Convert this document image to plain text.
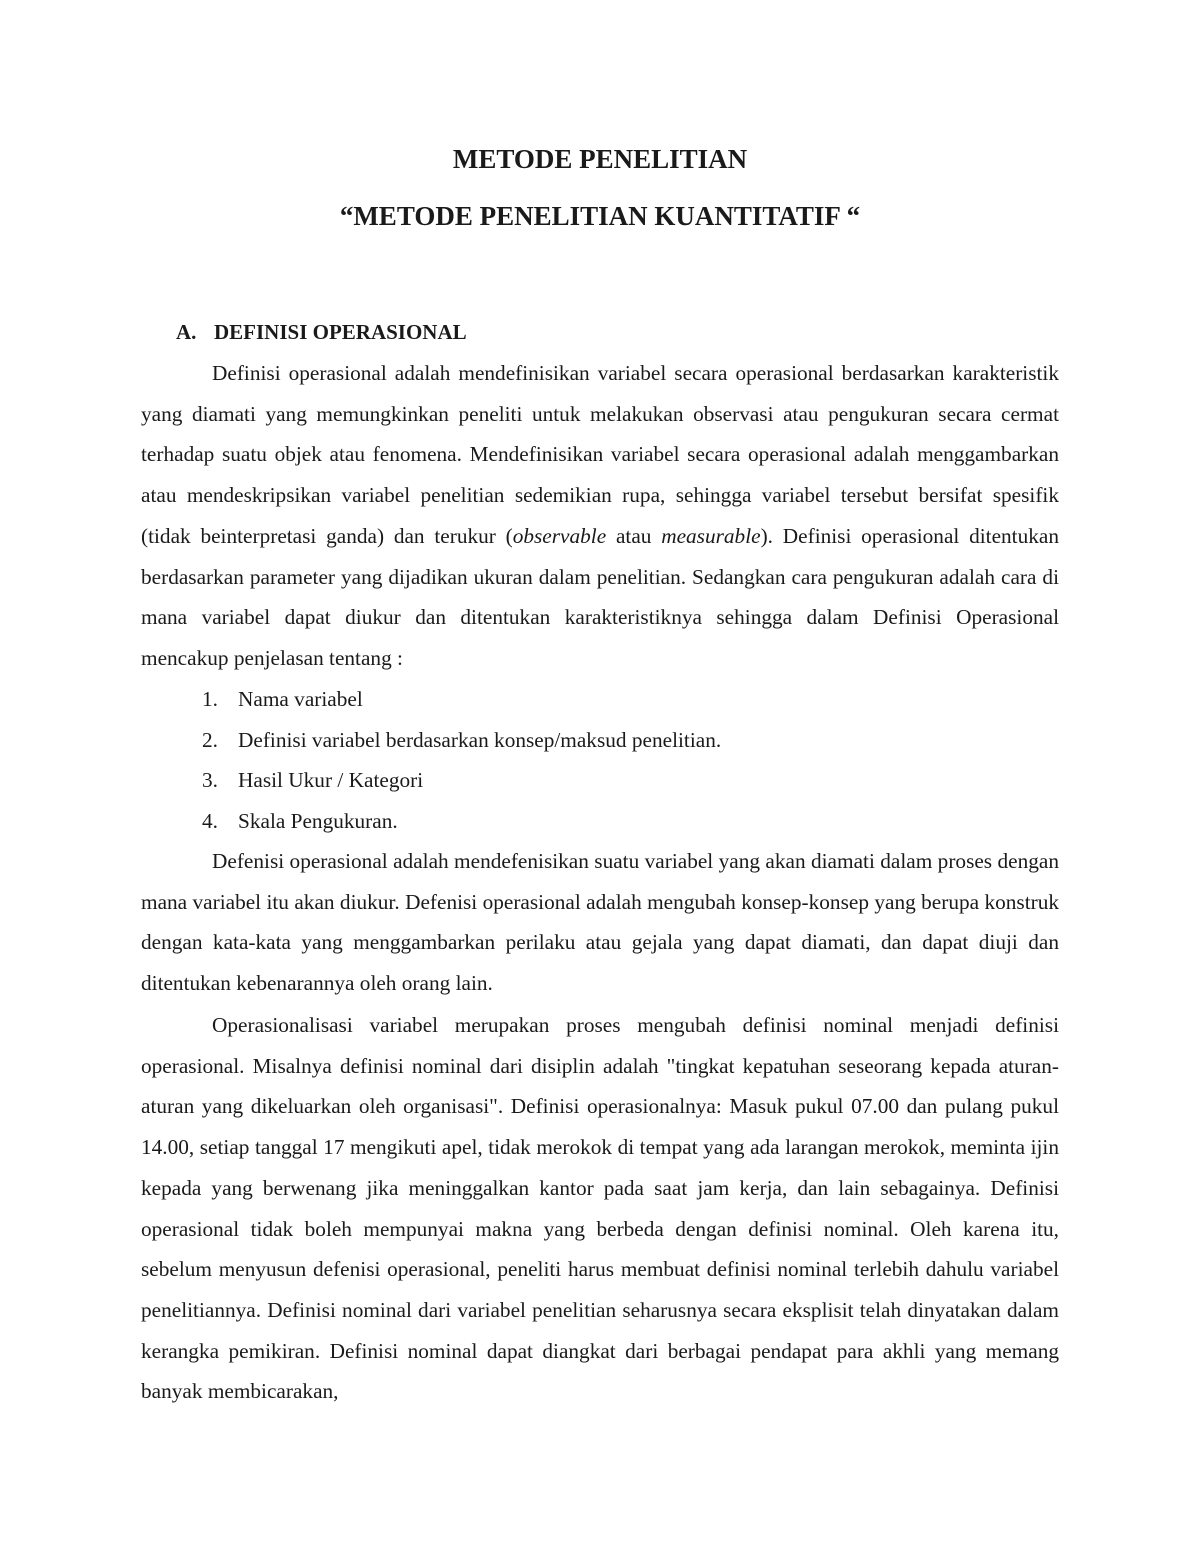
METODE PENELITIAN
“METODE PENELITIAN KUANTITATIF “
A. DEFINISI OPERASIONAL

Definisi operasional adalah mendefinisikan variabel secara operasional berdasarkan karakteristik yang diamati yang memungkinkan peneliti untuk melakukan observasi atau pengukuran secara cermat terhadap suatu objek atau fenomena. Mendefinisikan variabel secara operasional adalah menggambarkan atau mendeskripsikan variabel penelitian sedemikian rupa, sehingga variabel tersebut bersifat spesifik (tidak beinterpretasi ganda) dan terukur (observable atau measurable). Definisi operasional ditentukan berdasarkan parameter yang dijadikan ukuran dalam penelitian. Sedangkan cara pengukuran adalah cara di mana variabel dapat diukur dan ditentukan karakteristiknya sehingga dalam Definisi Operasional mencakup penjelasan tentang :

1. Nama variabel
2. Definisi variabel berdasarkan konsep/maksud penelitian.
3. Hasil Ukur / Kategori
4. Skala Pengukuran.

Defenisi operasional adalah mendefenisikan suatu variabel yang akan diamati dalam proses dengan mana variabel itu akan diukur. Defenisi operasional adalah mengubah konsep-konsep yang berupa konstruk dengan kata-kata yang menggambarkan perilaku atau gejala yang dapat diamati, dan dapat diuji dan ditentukan kebenarannya oleh orang lain.

Operasionalisasi variabel merupakan proses mengubah definisi nominal menjadi definisi operasional. Misalnya definisi nominal dari disiplin adalah "tingkat kepatuhan seseorang kepada aturan-aturan yang dikeluarkan oleh organisasi". Definisi operasionalnya: Masuk pukul 07.00 dan pulang pukul 14.00, setiap tanggal 17 mengikuti apel, tidak merokok di tempat yang ada larangan merokok, meminta ijin kepada yang berwenang jika meninggalkan kantor pada saat jam kerja, dan lain sebagainya. Definisi operasional tidak boleh mempunyai makna yang berbeda dengan definisi nominal. Oleh karena itu, sebelum menyusun defenisi operasional, peneliti harus membuat definisi nominal terlebih dahulu variabel penelitiannya. Definisi nominal dari variabel penelitian seharusnya secara eksplisit telah dinyatakan dalam kerangka pemikiran. Definisi nominal dapat diangkat dari berbagai pendapat para akhli yang memang banyak membicarakan,
